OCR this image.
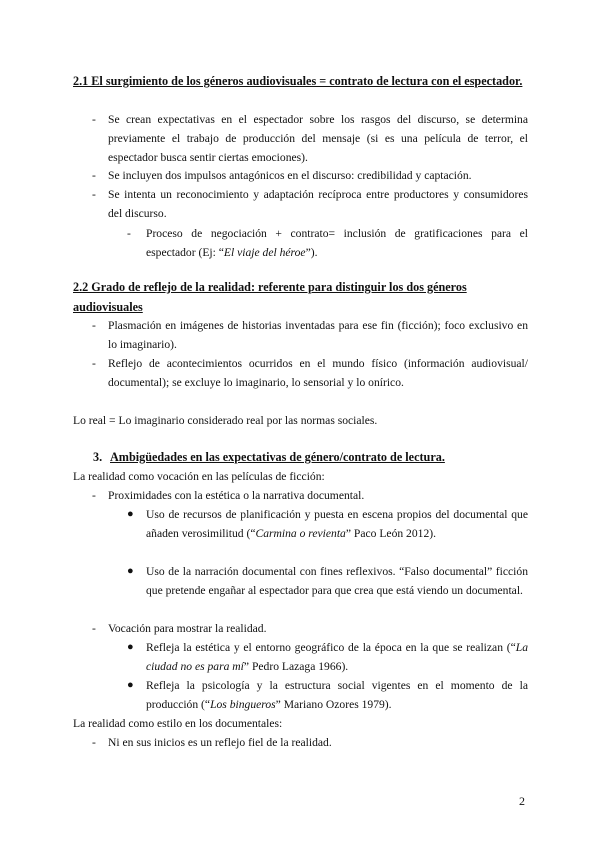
2.1 El surgimiento de los géneros audiovisuales = contrato de lectura con el espectador.
- Se crean expectativas en el espectador sobre los rasgos del discurso, se determina previamente el trabajo de producción del mensaje (si es una película de terror, el espectador busca sentir ciertas emociones).
- Se incluyen dos impulsos antagónicos en el discurso: credibilidad y captación.
- Se intenta un reconocimiento y adaptación recíproca entre productores y consumidores del discurso.
- Proceso de negociación + contrato= inclusión de gratificaciones para el espectador (Ej: “El viaje del héroe”).
2.2 Grado de reflejo de la realidad: referente para distinguir los dos géneros audiovisuales
- Plasmación en imágenes de historias inventadas para ese fin (ficción); foco exclusivo en lo imaginario).
- Reflejo de acontecimientos ocurridos en el mundo físico (información audiovisual/ documental); se excluye lo imaginario, lo sensorial y lo onírico.
Lo real = Lo imaginario considerado real por las normas sociales.
3. Ambigüedades en las expectativas de género/contrato de lectura.
La realidad como vocación en las películas de ficción:
- Proximidades con la estética o la narrativa documental.
● Uso de recursos de planificación y puesta en escena propios del documental que añaden verosimilitud (“Carmina o revienta” Paco León 2012).
● Uso de la narración documental con fines reflexivos. “Falso documental” ficción que pretende engañar al espectador para que crea que está viendo un documental.
- Vocación para mostrar la realidad.
● Refleja la estética y el entorno geográfico de la época en la que se realizan (“La ciudad no es para mí” Pedro Lazaga 1966).
● Refleja la psicología y la estructura social vigentes en el momento de la producción (“Los bingueros” Mariano Ozores 1979).
La realidad como estilo en los documentales:
- Ni en sus inicios es un reflejo fiel de la realidad.
2
